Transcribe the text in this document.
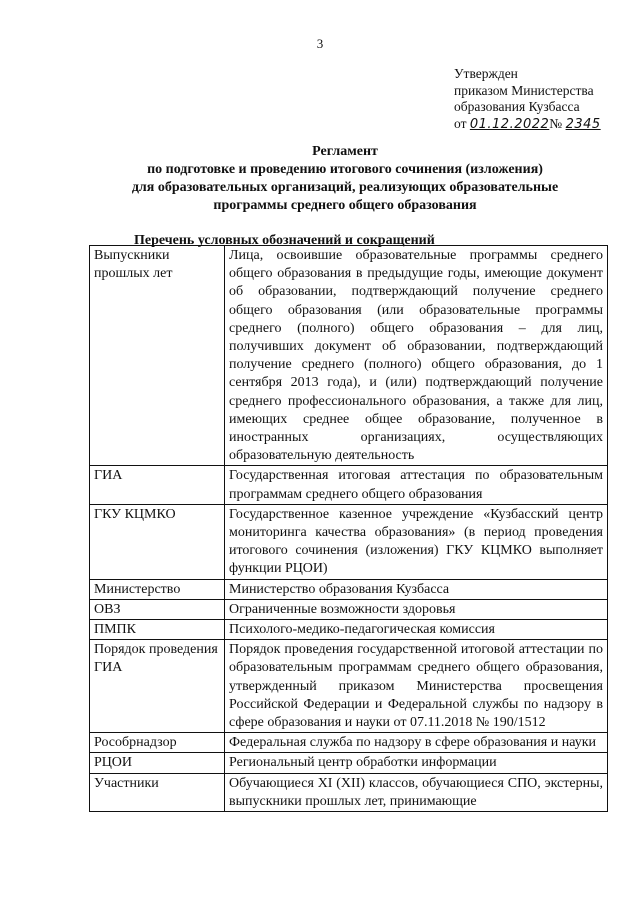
3
Утвержден
приказом Министерства
образования Кузбасса
от 01.12.2022№ 2345
Регламент
по подготовке и проведению итогового сочинения (изложения)
для образовательных организаций, реализующих образовательные
программы среднего общего образования
Перечень условных обозначений и сокращений
Выпускники прошлых лет	Лица, освоившие образовательные программы среднего общего образования в предыдущие годы, имеющие документ об образовании, подтверждающий получение среднего общего образования (или образовательные программы среднего (полного) общего образования – для лиц, получивших документ об образовании, подтверждающий получение среднего (полного) общего образования, до 1 сентября 2013 года), и (или) подтверждающий получение среднего профессионального образования, а также для лиц, имеющих среднее общее образование, полученное в иностранных организациях, осуществляющих образовательную деятельность
ГИА	Государственная итоговая аттестация по образовательным программам среднего общего образования
ГКУ КЦМКО	Государственное казенное учреждение «Кузбасский центр мониторинга качества образования» (в период проведения итогового сочинения (изложения) ГКУ КЦМКО выполняет функции РЦОИ)
Министерство	Министерство образования Кузбасса
ОВЗ	Ограниченные возможности здоровья
ПМПК	Психолого-медико-педагогическая комиссия
Порядок проведения ГИА	Порядок проведения государственной итоговой аттестации по образовательным программам среднего общего образования, утвержденный приказом Министерства просвещения Российской Федерации и Федеральной службы по надзору в сфере образования и науки от 07.11.2018 № 190/1512
Рособрнадзор	Федеральная служба по надзору в сфере образования и науки
РЦОИ	Региональный центр обработки информации
Участники	Обучающиеся XI (XII) классов, обучающиеся СПО, экстерны, выпускники прошлых лет, принимающие
